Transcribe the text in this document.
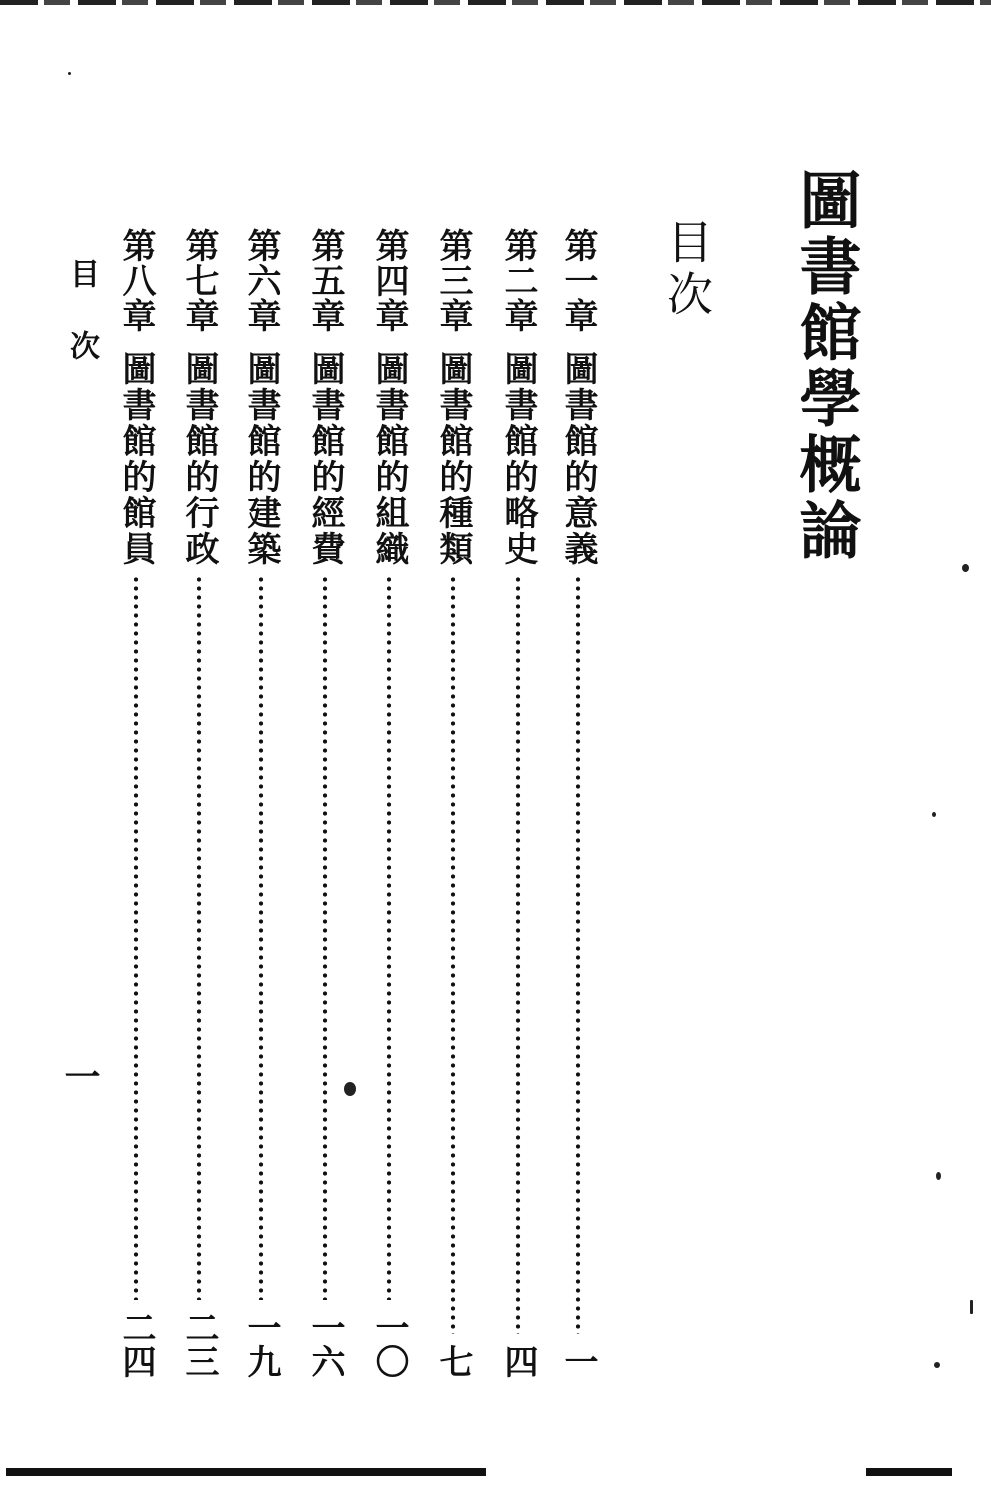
圖書館學概論
目次
第一章
圖書館的意義
一
第二章
圖書館的略史
四
第三章
圖書館的種類
七
第四章
圖書館的組織
一〇
第五章
圖書館的經費
一六
第六章
圖書館的建築
一九
第七章
圖書館的行政
二三
第八章
圖書館的館員
二四
目次
一
